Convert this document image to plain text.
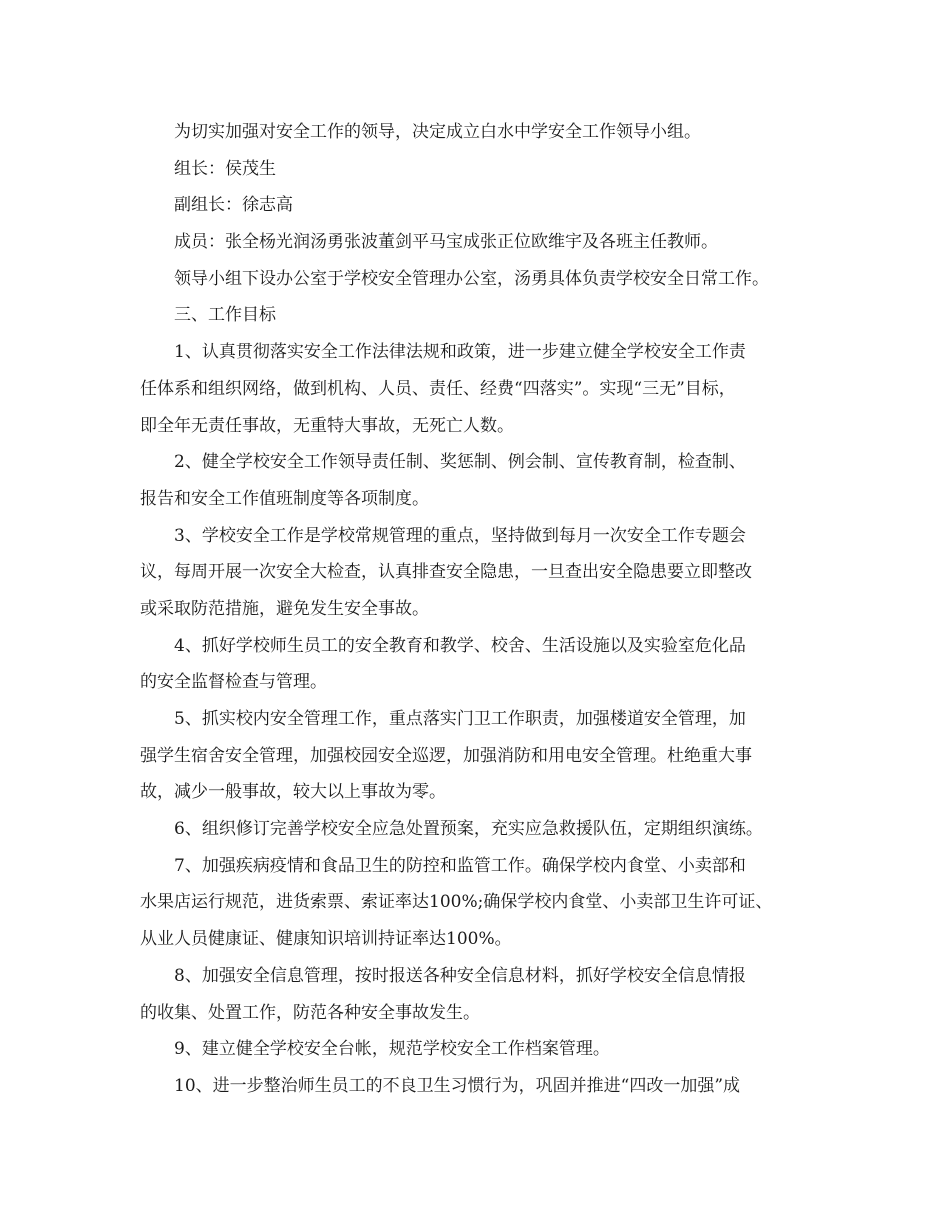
为切实加强对安全工作的领导，决定成立白水中学安全工作领导小组。
组长：侯茂生
副组长：徐志高
成员：张全杨光润汤勇张波董剑平马宝成张正位欧维宇及各班主任教师。
领导小组下设办公室于学校安全管理办公室，汤勇具体负责学校安全日常工作。
三、工作目标
1、认真贯彻落实安全工作法律法规和政策，进一步建立健全学校安全工作责
任体系和组织网络，做到机构、人员、责任、经费“四落实”。实现“三无”目标，
即全年无责任事故，无重特大事故，无死亡人数。
2、健全学校安全工作领导责任制、奖惩制、例会制、宣传教育制，检查制、
报告和安全工作值班制度等各项制度。
3、学校安全工作是学校常规管理的重点，坚持做到每月一次安全工作专题会
议，每周开展一次安全大检查，认真排查安全隐患，一旦查出安全隐患要立即整改
或采取防范措施，避免发生安全事故。
4、抓好学校师生员工的安全教育和教学、校舍、生活设施以及实验室危化品
的安全监督检查与管理。
5、抓实校内安全管理工作，重点落实门卫工作职责，加强楼道安全管理，加
强学生宿舍安全管理，加强校园安全巡逻，加强消防和用电安全管理。杜绝重大事
故，减少一般事故，较大以上事故为零。
6、组织修订完善学校安全应急处置预案，充实应急救援队伍，定期组织演练。
7、加强疾病疫情和食品卫生的防控和监管工作。确保学校内食堂、小卖部和
水果店运行规范，进货索票、索证率达100%;确保学校内食堂、小卖部卫生许可证、
从业人员健康证、健康知识培训持证率达100%。
8、加强安全信息管理，按时报送各种安全信息材料，抓好学校安全信息情报
的收集、处置工作，防范各种安全事故发生。
9、建立健全学校安全台帐，规范学校安全工作档案管理。
10、进一步整治师生员工的不良卫生习惯行为，巩固并推进“四改一加强”成
